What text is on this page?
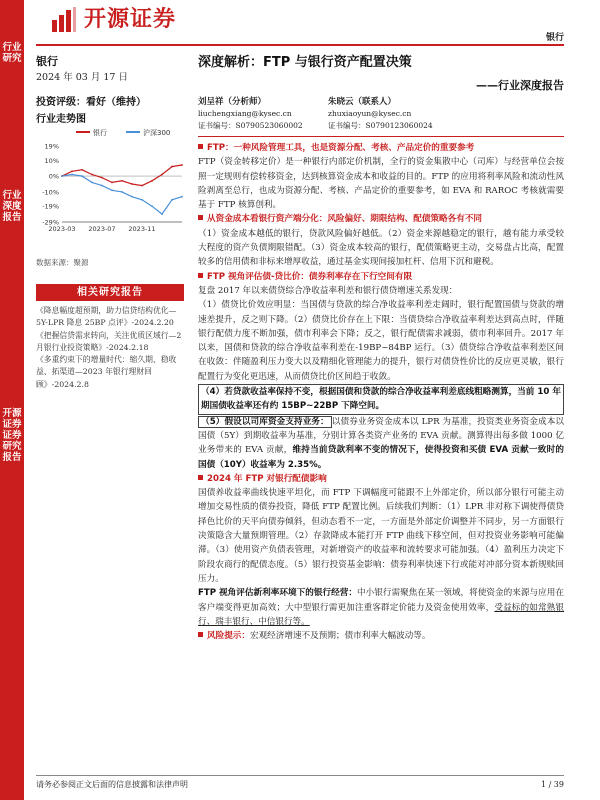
行业研究
行业深度报告
开源证券 证券研究报告
开源证券
银行
银行
2024 年 03 月 17 日
投资评级：看好（维持）
行业走势图
银行	沪深300
19%
10%
0%
-10%
-19%
-29%
2023-03 2023-07 2023-11
数据来源：聚源
相关研究报告
《降息幅度超预期，助力信贷结构优化—5Y-LPR 降息 25BP 点评》-2024.2.20
《把握信贷需求转向，关注优质区域行—2 月银行业投资策略》-2024.2.18
《多重约束下的增量时代：缩久期、稳收益、拓渠道—2023 年银行理财回顾》-2024.2.8
深度解析：FTP 与银行资产配置决策
——行业深度报告
刘呈祥（分析师）
liuchengxiang@kysec.cn
证书编号：S0790523060002
朱晓云（联系人）
zhuxiaoyun@kysec.cn
证书编号：S0790123060024

FTP：一种风险管理工具，也是资源分配、考核、产品定价的重要参考

FTP（资金转移定价）是一种银行内部定价机制，全行的资金集散中心（司库）与经营单位会按照一定规则有偿转移资金，达到核算资金成本和收益的目的。FTP 的应用将利率风险和流动性风险剥离至总行，也成为资源分配、考核、产品定价的重要参考，如 EVA 和 RAROC 考核就需要基于 FTP 核算创利。

从资金成本看银行资产端分化：风险偏好、期限结构、配债策略各有不同

（1）资金成本越低的银行，贷款风险偏好越低。（2）资金来源越稳定的银行，越有能力承受较大程度的资产负债期限错配。（3）资金成本较高的银行，配债策略更主动，交易盘占比高，配置较多的信用债和非标来增厚收益，通过基金实现间接加杠杆、信用下沉和避税。

FTP 视角评估债-贷比价：债券利率存在下行空间有限

复盘 2017 年以来债贷综合净收益率利差和银行债贷增速关系发现：

（1）债贷比价效应明显：当国债与贷款的综合净收益率利差走阔时，银行配置国债与贷款的增速差提升，反之则下降。（2）债贷比价存在上下限：当债贷综合净收益率利差达到高点时，伴随银行配债力度不断加强，债市利率会下降；反之，银行配债需求减弱，债市利率回升。2017 年以来，国债和贷款的综合净收益率利差在-19BP~84BP 运行。（3）债贷综合净收益率利差区间在收敛：伴随盈利压力变大以及精细化管理能力的提升，银行对债贷性价比的反应更灵敏，银行配置行为变化更迅速，从而债贷比价区间趋于收敛。

（4）若贷款收益率保持不变，根据国债和贷款的综合净收益率利差底线粗略测算，当前 10 年期国债收益率还有约 15BP~22BP 下降空间。

（5）假设以司库资金支持业务： 以债券业务资金成本以 LPR 为基准，投资类业务资金成本以国债（5Y）到期收益率为基准，分别计算各类资产业务的 EVA 贡献。测算得出每多做 1000 亿业务带来的 EVA 贡献，维持当前贷款利率不变的情况下，使得投资和买债 EVA 贡献一致时的国债（10Y）收益率为 2.35%。

2024 年 FTP 对银行配债影响

国债养收益率曲线快速平坦化，而 FTP 下调幅度可能跟不上外部定价，所以部分银行可能主动增加交易性质的债券投资，降低 FTP 配置比例。后续我们判断：（1）LPR 非对称下调使得债贷择色比价的天平向债券倾斜，但动态看不一定，一方面是外部定价调整并不同步，另一方面银行决策隐含大量预期管理。（2）存款降成本能打开 FTP 曲线下移空间，但对投资业务影响可能偏滞。（3）使用资产负债表管理，对新增资产的收益率和流转要求可能加强。（4）盈利压力决定下阶段农商行的配债态度。（5）银行投资基金影响：债券利率快速下行或能对冲部分资本新规赎回压力。

FTP 视角评估新利率环境下的银行经营：中小银行需聚焦在某一领域，将使资金的来源与应用在客户端变得更加高效；大中型银行需更加注重客群定价能力及资金使用效率，受益标的如常熟银行、瑞丰银行、中信银行等。

风险提示：宏观经济增速不及预期；债市利率大幅波动等。

请务必参阅正文后面的信息披露和法律声明	1 / 39
